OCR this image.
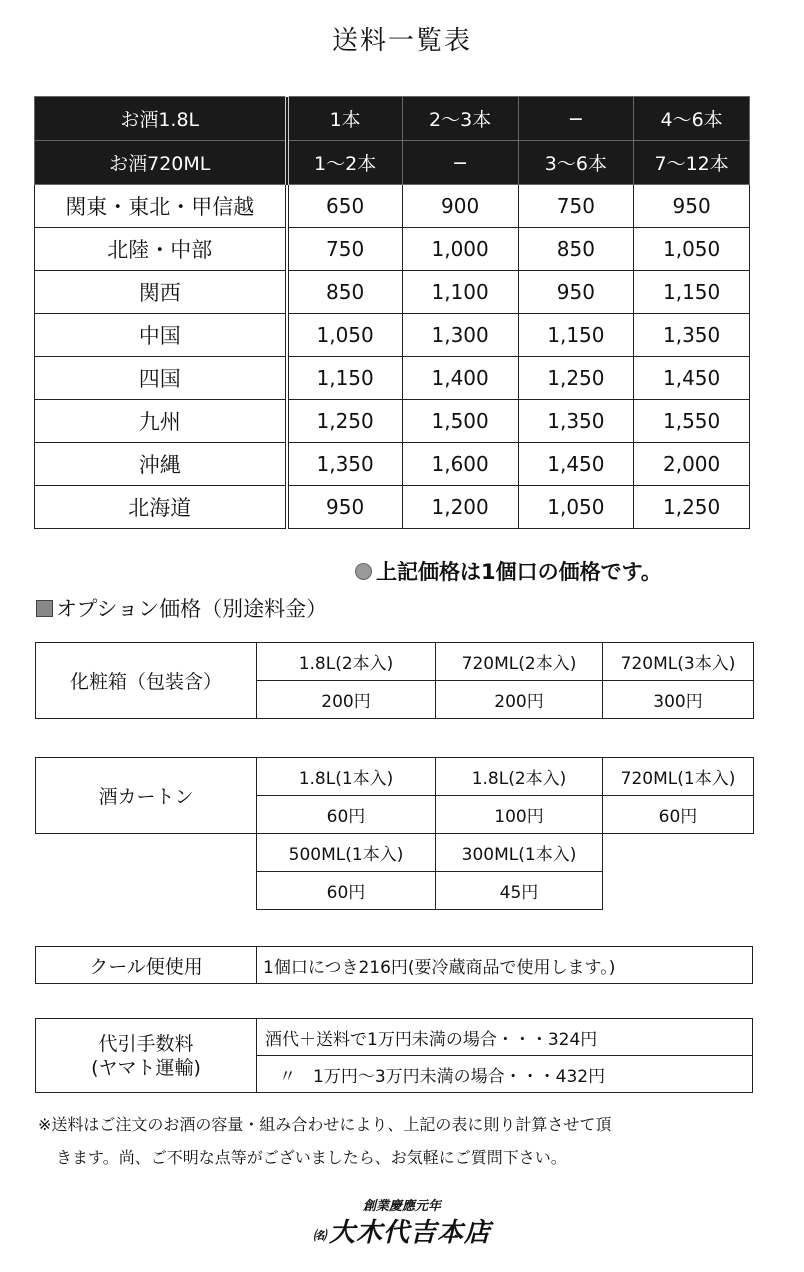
送料一覧表
お酒1.8L	1本	2〜3本	−	4〜6本
お酒720ML	1〜2本	−	3〜6本	7〜12本
関東・東北・甲信越	650	900	750	950
北陸・中部	750	1,000	850	1,050
関西	850	1,100	950	1,150
中国	1,050	1,300	1,150	1,350
四国	1,150	1,400	1,250	1,450
九州	1,250	1,500	1,350	1,550
沖縄	1,350	1,600	1,450	2,000
北海道	950	1,200	1,050	1,250
上記価格は1個口の価格です。
オプション価格（別途料金）
化粧箱（包装含）	1.8L(2本入)	720ML(2本入)	720ML(3本入)
	200円	200円	300円
酒カートン	1.8L(1本入)	1.8L(2本入)	720ML(1本入)
	60円	100円	60円
	500ML(1本入)	300ML(1本入)	
	60円	45円	
クール便使用	1個口につき216円(要冷蔵商品で使用します。)
代引手数料
(ヤマト運輸)
	酒代＋送料で1万円未満の場合・・・324円
〃　1万円〜3万円未満の場合・・・432円
※送料はご注文のお酒の容量・組み合わせにより、上記の表に則り計算させて頂
きます。尚、ご不明な点等がございましたら、お気軽にご質問下さい。
創業慶應元年
㈴大木代吉本店
